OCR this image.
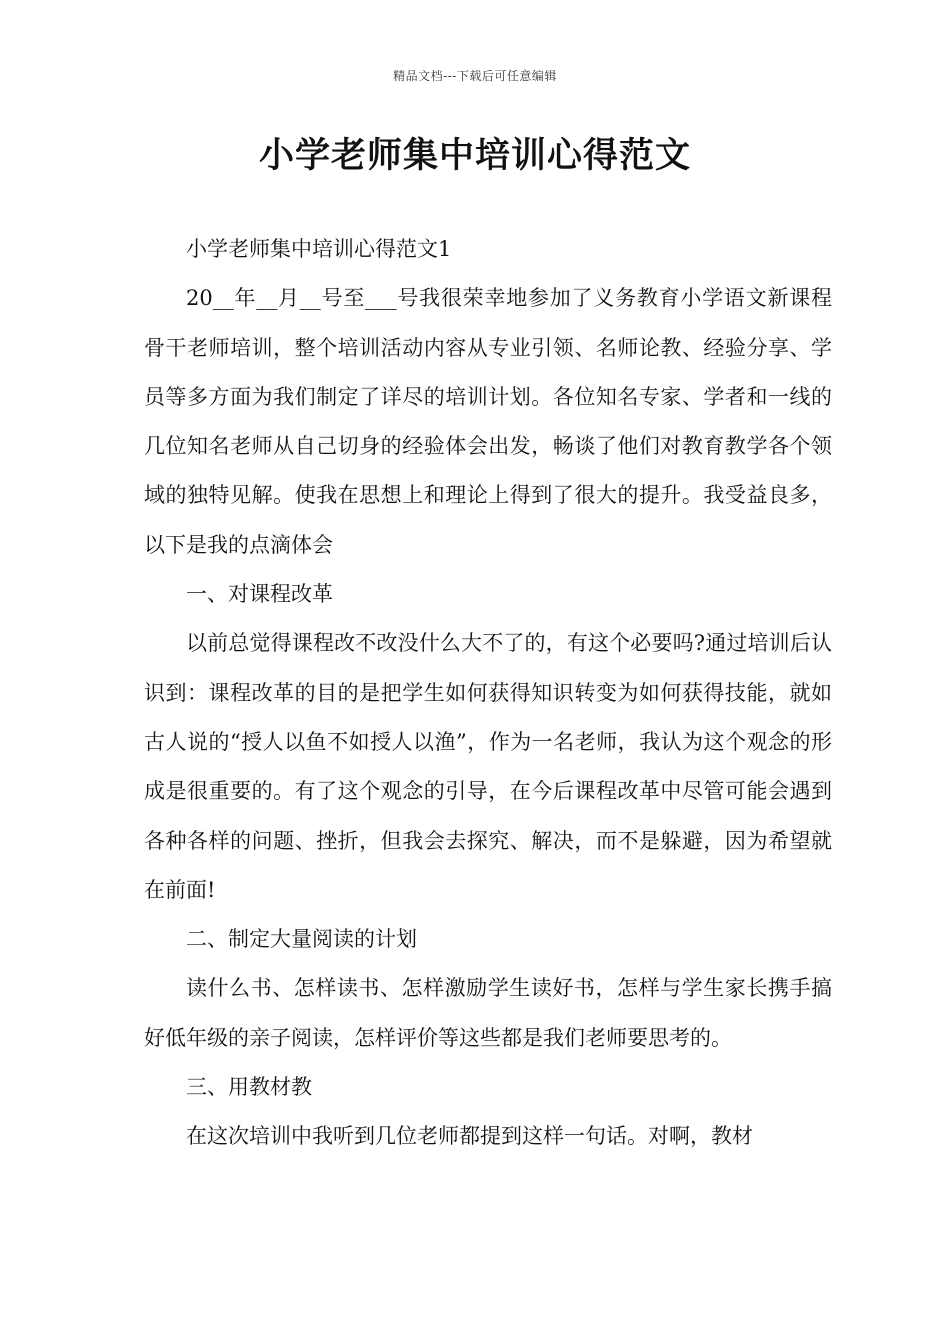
精品文档---下载后可任意编辑
小学老师集中培训心得范文

小学老师集中培训心得范文1

20__年__月__号至___号我很荣幸地参加了义务教育小学语文新课程骨干老师培训，整个培训活动内容从专业引领、名师论教、经验分享、学员等多方面为我们制定了详尽的培训计划。各位知名专家、学者和一线的几位知名老师从自己切身的经验体会出发，畅谈了他们对教育教学各个领域的独特见解。使我在思想上和理论上得到了很大的提升。我受益良多，以下是我的点滴体会

一、对课程改革

以前总觉得课程改不改没什么大不了的，有这个必要吗?通过培训后认识到：课程改革的目的是把学生如何获得知识转变为如何获得技能，就如古人说的“授人以鱼不如授人以渔”，作为一名老师，我认为这个观念的形成是很重要的。有了这个观念的引导，在今后课程改革中尽管可能会遇到各种各样的问题、挫折，但我会去探究、解决，而不是躲避，因为希望就在前面!

二、制定大量阅读的计划

读什么书、怎样读书、怎样激励学生读好书，怎样与学生家长携手搞好低年级的亲子阅读，怎样评价等这些都是我们老师要思考的。

三、用教材教

在这次培训中我听到几位老师都提到这样一句话。对啊，教材
